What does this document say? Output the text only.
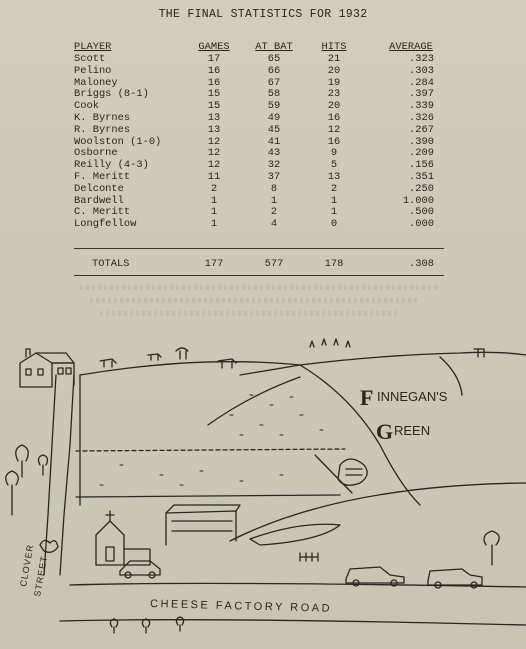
THE FINAL STATISTICS FOR 1932
PLAYER	GAMES	AT BAT	HITS	AVERAGE
Scott	17	65	21	.323
Pelino	16	66	20	.303
Maloney	16	67	19	.284
Briggs (8-1)	15	58	23	.397
Cook	15	59	20	.339
K. Byrnes	13	49	16	.326
R. Byrnes	13	45	12	.267
Woolston (1-0)	12	41	16	.390
Osborne	12	43	9	.209
Reilly (4-3)	12	32	5	.156
F. Meritt	11	37	13	.351
Delconte	2	8	2	.250
Bardwell	1	1	1	1.000
C. Meritt	1	2	1	.500
Longfellow	1	4	0	.000
TOTALS	177	577	178	.308
F INNEGAN'S
G REEN
CHEESE FACTORY ROAD
CLOVER
STREET
